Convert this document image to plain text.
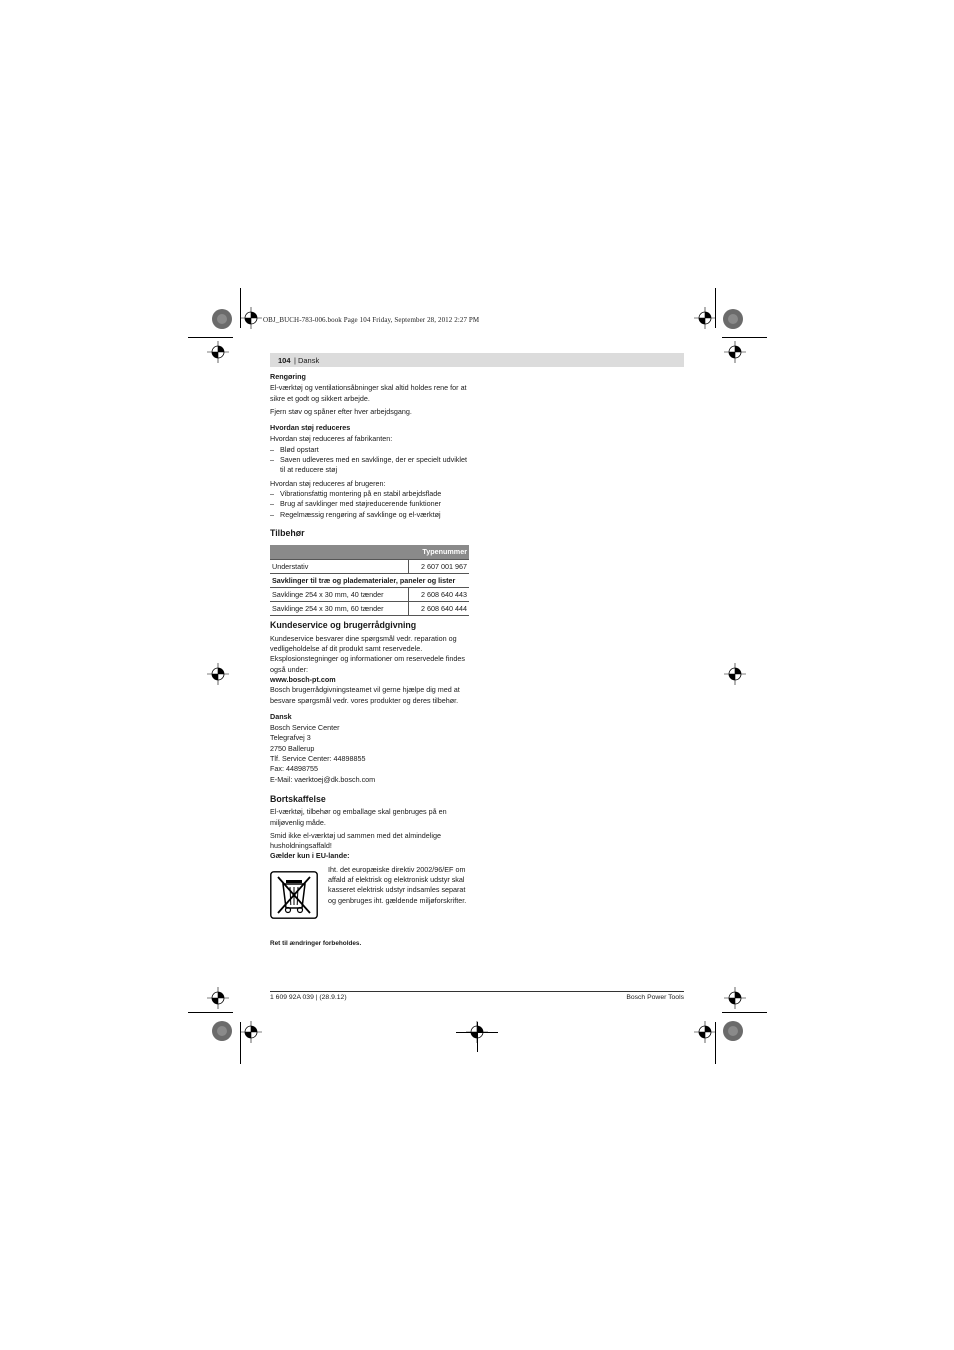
OBJ_BUCH-783-006.book Page 104 Friday, September 28, 2012 2:27 PM
104 | Dansk
Rengøring

El-værktøj og ventilationsåbninger skal altid holdes rene for at sikre et godt og sikkert arbejde.

Fjern støv og spåner efter hver arbejdsgang.

Hvordan støj reduceres

Hvordan støj reduceres af fabrikanten:

– Blød opstart
– Saven udleveres med en savklinge, der er specielt udviklet til at reducere støj

Hvordan støj reduceres af brugeren:

– Vibrationsfattig montering på en stabil arbejdsflade
– Brug af savklinger med støjreducerende funktioner
– Regelmæssig rengøring af savklinge og el-værktøj
Tilbehør
	Typenummer
Understativ	2 607 001 967
Savklinger til træ og pladematerialer, paneler og lister	
Savklinge 254 x 30 mm, 40 tænder	2 608 640 443
Savklinge 254 x 30 mm, 60 tænder	2 608 640 444
Kundeservice og brugerrådgivning

Kundeservice besvarer dine spørgsmål vedr. reparation og vedligeholdelse af dit produkt samt reservedele. Eksplosionstegninger og informationer om reservedele findes også under:

www.bosch-pt.com

Bosch brugerrådgivningsteamet vil gerne hjælpe dig med at besvare spørgsmål vedr. vores produkter og deres tilbehør.

Dansk
Bosch Service Center
Telegrafvej 3
2750 Ballerup
Tlf. Service Center: 44898855
Fax: 44898755
E-Mail: vaerktoej@dk.bosch.com
Bortskaffelse

El-værktøj, tilbehør og emballage skal genbruges på en miljøvenlig måde.

Smid ikke el-værktøj ud sammen med det almindelige husholdningsaffald!

Gælder kun i EU-lande:
Iht. det europæiske direktiv 2002/96/EF om affald af elektrisk og elektronisk udstyr skal kasseret elektrisk udstyr indsamles separat og genbruges iht. gældende miljøforskrifter.
Ret til ændringer forbeholdes.
1 609 92A 039 | (28.9.12)	Bosch Power Tools
